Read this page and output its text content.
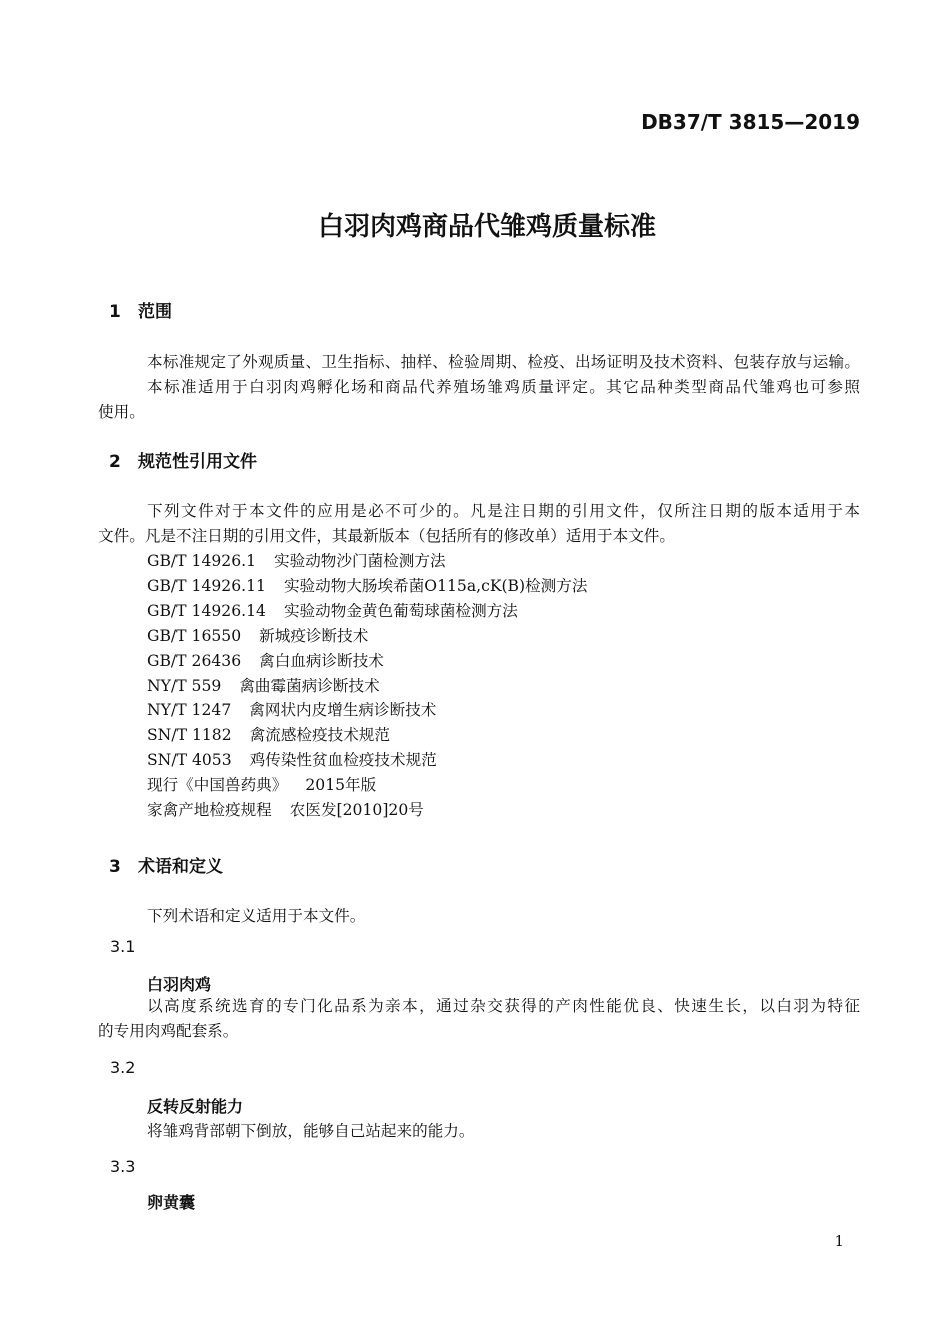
DB37/T 3815—2019
白羽肉鸡商品代雏鸡质量标准
1 范围
本标准规定了外观质量、卫生指标、抽样、检验周期、检疫、出场证明及技术资料、包装存放与运输。
本标准适用于白羽肉鸡孵化场和商品代养殖场雏鸡质量评定。其它品种类型商品代雏鸡也可参照
使用。
2 规范性引用文件
下列文件对于本文件的应用是必不可少的。凡是注日期的引用文件，仅所注日期的版本适用于本
文件。凡是不注日期的引用文件，其最新版本（包括所有的修改单）适用于本文件。
GB/T 14926.1 实验动物沙门菌检测方法
GB/T 14926.11 实验动物大肠埃希菌O115a,cK(B)检测方法
GB/T 14926.14 实验动物金黄色葡萄球菌检测方法
GB/T 16550 新城疫诊断技术
GB/T 26436 禽白血病诊断技术
NY/T 559 禽曲霉菌病诊断技术
NY/T 1247 禽网状内皮增生病诊断技术
SN/T 1182 禽流感检疫技术规范
SN/T 4053 鸡传染性贫血检疫技术规范
现行《中国兽药典》 2015年版
家禽产地检疫规程 农医发[2010]20号
3 术语和定义
下列术语和定义适用于本文件。
3.1
白羽肉鸡
以高度系统选育的专门化品系为亲本，通过杂交获得的产肉性能优良、快速生长，以白羽为特征
的专用肉鸡配套系。
3.2
反转反射能力
将雏鸡背部朝下倒放，能够自己站起来的能力。
3.3
卵黄囊
1
